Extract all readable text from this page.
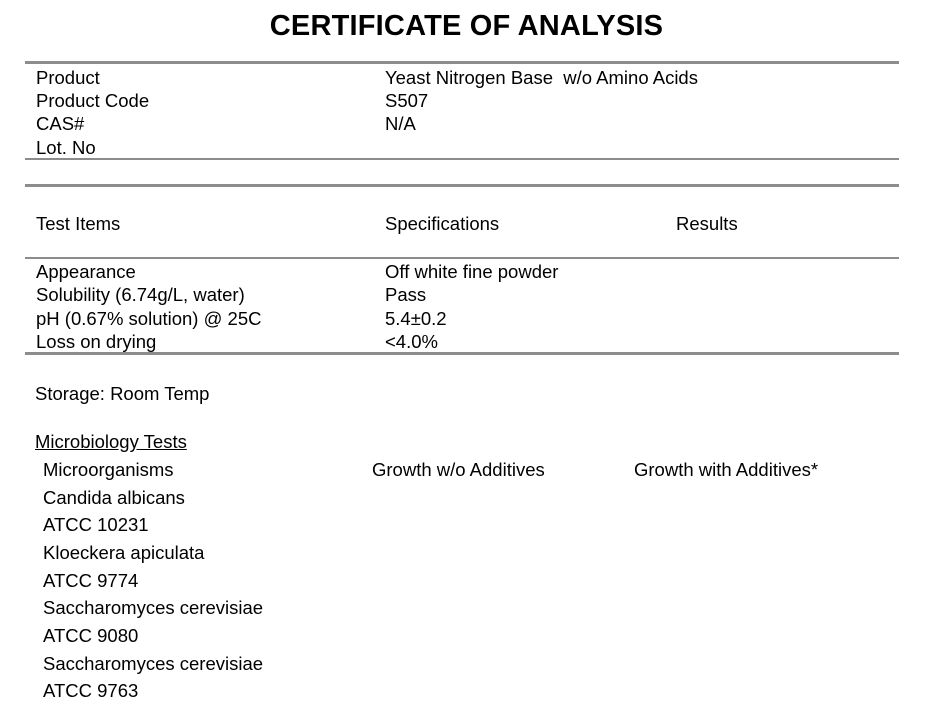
CERTIFICATE OF ANALYSIS
Product	Yeast Nitrogen Base  w/o Amino Acids
Product Code	S507
CAS#	N/A
Lot. No
Test Items	Specifications	Results
Appearance	Off white fine powder
Solubility (6.74g/L, water)	Pass
pH (0.67% solution) @ 25C	5.4±0.2
Loss on drying	<4.0%
Storage: Room Temp
Microbiology Tests
Microorganisms	Growth w/o Additives	Growth with Additives*
Candida albicans
ATCC 10231
Kloeckera apiculata
ATCC 9774
Saccharomyces cerevisiae
ATCC 9080
Saccharomyces cerevisiae
ATCC 9763
